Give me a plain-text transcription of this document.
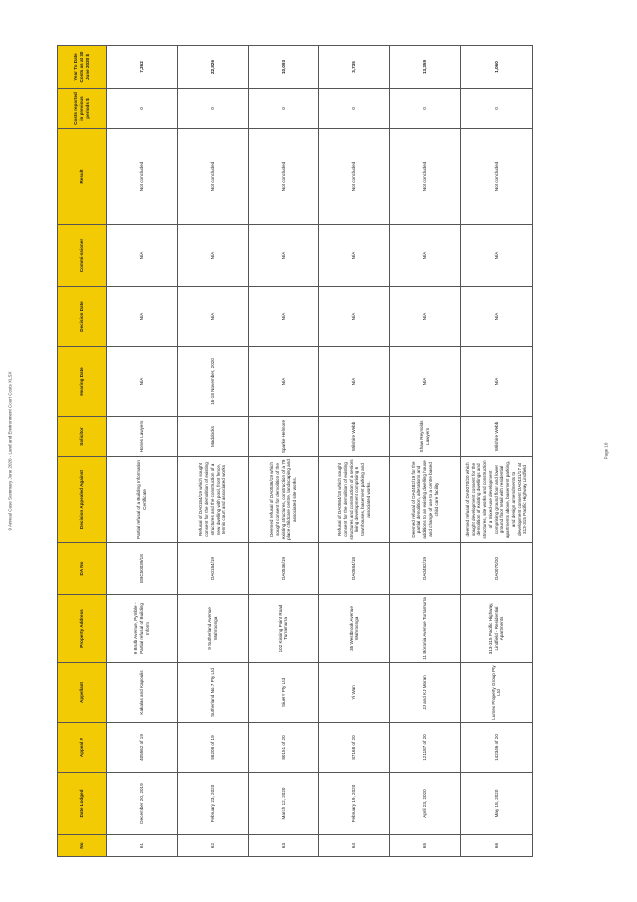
9 Annual Case Summary June 2020 - Land and Environment Court Costs XLSX	Page 10
No	Date Lodged	Appeal #	Appellant	Property Address	DA No	Decision Appealed Against	Solicitor	Hearing Date	Decision Date	Commi-ssioner	Result	Costs reported in previous periods $	Year To Date Costs as at 30 June 2020 $
61	December 20, 2019	405562 of 19	Kakalas and Kapoulis	9 Brulb Avenue, Pymble - Partial refusal of Building Inform	EBC50039/18	Partial refusal of a Building Information Certificate	Hones Lawyers	N/A	N/A	N/A	Not concluded	0	7,262
62	February 23, 2020	58208 of 19	Sutherland No.7 Pty Ltd	9 Sutherland Avenue Wahroonga	DA0184/19	Refusal of DA0184/19 which sought consent for the demolition of existing structures and the construction of a new dwelling with pool, front fence, tennis court and associated works	Maddocks	16-18 November, 2020	N/A	N/A	Not concluded	0	22,826
63	March 12, 2020	80151 of 20	SiueIY Pty Ltd	102 Kissing Point Road Turramurra	DA0536/19	Deemed refusal of DA0536/19 which sought consent for demolition of the existing structures, construction of a 79 place childcare centre, landscaping and associated site works.	Sparke Helmore	N/A	N/A	N/A	Not concluded	0	10,093
64	February 19, 2020	87168 of 20	Yi Wan	35 Westbrook Avenue Wahroonga	DA0584/18	Refusal of DA0584/18 which sought consent for the demolition of existing structures and construction of a seniors living development comprising 6 townhouses, basement parking and associated works.	Wilshire Webb	N/A	N/A	N/A	Not concluded	0	3,735
65	April 23, 2020	121187 of 20	JJ and KJ Moran	11 Boronia Avenue Turramurra	DA0482/19	Deemed refusal of DA0482/19 for the partial demolition, alterations and additions to an existing dwelling house and change of use to a centre based child care facility	Shaw Reynolds Lawyers	N/A	N/A	N/A	Not concluded	0	13,359
66	May 18, 2020	142346 of 20	Lumex Property Group Pty Ltd	313-315 Pacific Highway, Lindfield - Residential Apartments	DA0070/20	deemed refusal of DA0070/20 which sought development consent for the demolition of existing dwellings and structures, site works and construction of a mixed-use development comprising ground floor and lower ground floor retail with residential apartments above, basement parking, and design amendments to development consent DA0431/17 at 313-315 Pacific Highway Lindfield	Wilshire Webb	N/A	N/A	N/A	Not concluded	0	1,060
